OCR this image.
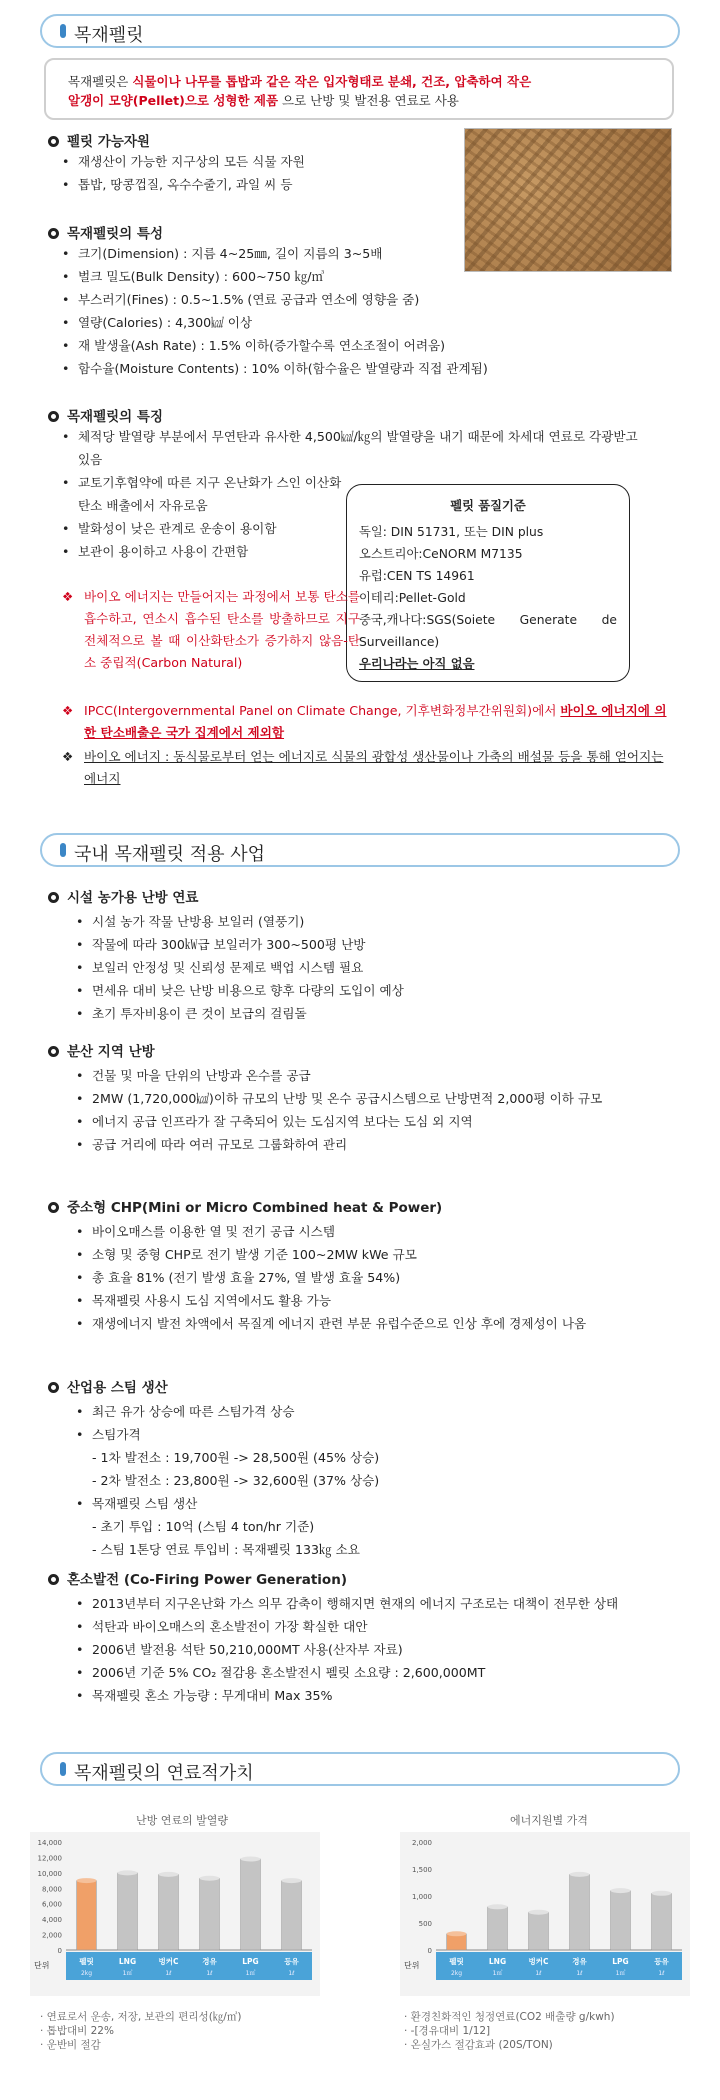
목재펠릿
목재펠릿은 식물이나 나무를 톱밥과 같은 작은 입자형태로 분쇄, 건조, 압축하여 작은
알갱이 모양(Pellet)으로 성형한 제품 으로 난방 및 발전용 연료로 사용
펠릿 가능자원
• 재생산이 가능한 지구상의 모든 식물 자원
• 톱밥, 땅콩껍질, 옥수수줄기, 과일 씨 등
목재펠릿의 특성
• 크기(Dimension) : 지름 4~25㎜, 길이 지름의 3~5배
• 벌크 밀도(Bulk Density) : 600~750 ㎏/㎥
• 부스러기(Fines) : 0.5~1.5% (연료 공급과 연소에 영향을 줌)
• 열량(Calories) : 4,300㎉ 이상
• 재 발생율(Ash Rate) : 1.5% 이하(증가할수록 연소조절이 어려움)
• 함수율(Moisture Contents) : 10% 이하(함수율은 발열량과 직접 관계됨)
목재펠릿의 특징
• 체적당 발열량 부분에서 무연탄과 유사한 4,500㎉/㎏의 발열량을 내기 때문에 차세대 연료로 각광받고 있음
• 교토기후협약에 따른 지구 온난화가 스인 이산화탄소 배출에서 자유로움
• 발화성이 낮은 관계로 운송이 용이함
• 보관이 용이하고 사용이 간편함
펠릿 품질기준
독일: DIN 51731, 또는 DIN plus
오스트리아:CeNORM M7135
유럽:CEN TS 14961
이테리:Pellet-Gold
중국,캐나다:SGS(Soiete Generate de Surveillance)
우리나라는 아직 없음
❖ 바이오 에너지는 만들어지는 과정에서 보통 탄소를 흡수하고, 연소시 흡수된 탄소를 방출하므로 지구 전체적으로 볼 때 이산화탄소가 증가하지 않음-탄소 중립적(Carbon Natural)
❖ IPCC(Intergovernmental Panel on Climate Change, 기후변화정부간위원회)에서 바이오 에너지에 의한 탄소배출은 국가 집계에서 제외함
❖ 바이오 에너지 : 동식물로부터 얻는 에너지로 식물의 광합성 생산물이나 가축의 배설물 등을 통해 얻어지는 에너지
국내 목재펠릿 적용 사업
시설 농가용 난방 연료
• 시설 농가 작물 난방용 보일러 (열풍기)
• 작물에 따라 300㎾급 보일러가 300~500평 난방
• 보일러 안정성 및 신뢰성 문제로 백업 시스템 필요
• 면세유 대비 낮은 난방 비용으로 향후 다량의 도입이 예상
• 초기 투자비용이 큰 것이 보급의 걸림돌
분산 지역 난방
• 건물 및 마을 단위의 난방과 온수를 공급
• 2MW (1,720,000㎉)이하 규모의 난방 및 온수 공급시스템으로 난방면적 2,000평 이하 규모
• 에너지 공급 인프라가 잘 구축되어 있는 도심지역 보다는 도심 외 지역
• 공급 거리에 따라 여러 규모로 그룹화하여 관리
중소형 CHP(Mini or Micro Combined heat & Power)
• 바이오매스를 이용한 열 및 전기 공급 시스템
• 소형 및 중형 CHP로 전기 발생 기준 100~2MW kWe 규모
• 총 효율 81% (전기 발생 효율 27%, 열 발생 효율 54%)
• 목재펠릿 사용시 도심 지역에서도 활용 가능
• 재생에너지 발전 차액에서 목질계 에너지 관련 부문 유럽수준으로 인상 후에 경제성이 나옴
산업용 스팀 생산
• 최근 유가 상승에 따른 스팀가격 상승
• 스팀가격
- 1차 발전소 : 19,700원 -> 28,500원 (45% 상승)
- 2차 발전소 : 23,800원 -> 32,600원 (37% 상승)
• 목재펠릿 스팀 생산
- 초기 투입 : 10억 (스팀 4 ton/hr 기준)
- 스팀 1톤당 연료 투입비 : 목재펠릿 133㎏ 소요
혼소발전 (Co-Firing Power Generation)
• 2013년부터 지구온난화 가스 의무 감축이 행해지면 현재의 에너지 구조로는 대책이 전무한 상태
• 석탄과 바이오매스의 혼소발전이 가장 확실한 대안
• 2006년 발전용 석탄 50,210,000MT 사용(산자부 자료)
• 2006년 기준 5% CO₂ 절감용 혼소발전시 펠릿 소요량 : 2,600,000MT
• 목재펠릿 혼소 가능량 : 무게대비 Max 35%
목재펠릿의 연료적가치
난방 연료의 발열량	에너지원별 가격
14,000
12,000
10,000
8,000
6,000
4,000
2,000
0
단위	펠릿
2kg
LNG
1㎥
벙커C
1ℓ
경유
1ℓ
LPG
1㎥
등유
1ℓ
2,000
1,500
1,000
500
0
단위	펠릿
2kg
LNG
1㎥
벙커C
1ℓ
경유
1ℓ
LPG
1㎥
등유
1ℓ
· 연료로서 운송, 저장, 보관의 편리성(㎏/㎥)
· 톱밥대비 22%
· 운반비 절감
· 환경친화적인 청정연료(CO2 배출량 g/kwh)
· -[경유대비 1/12]
· 온실가스 절감효과 (20S/TON)
